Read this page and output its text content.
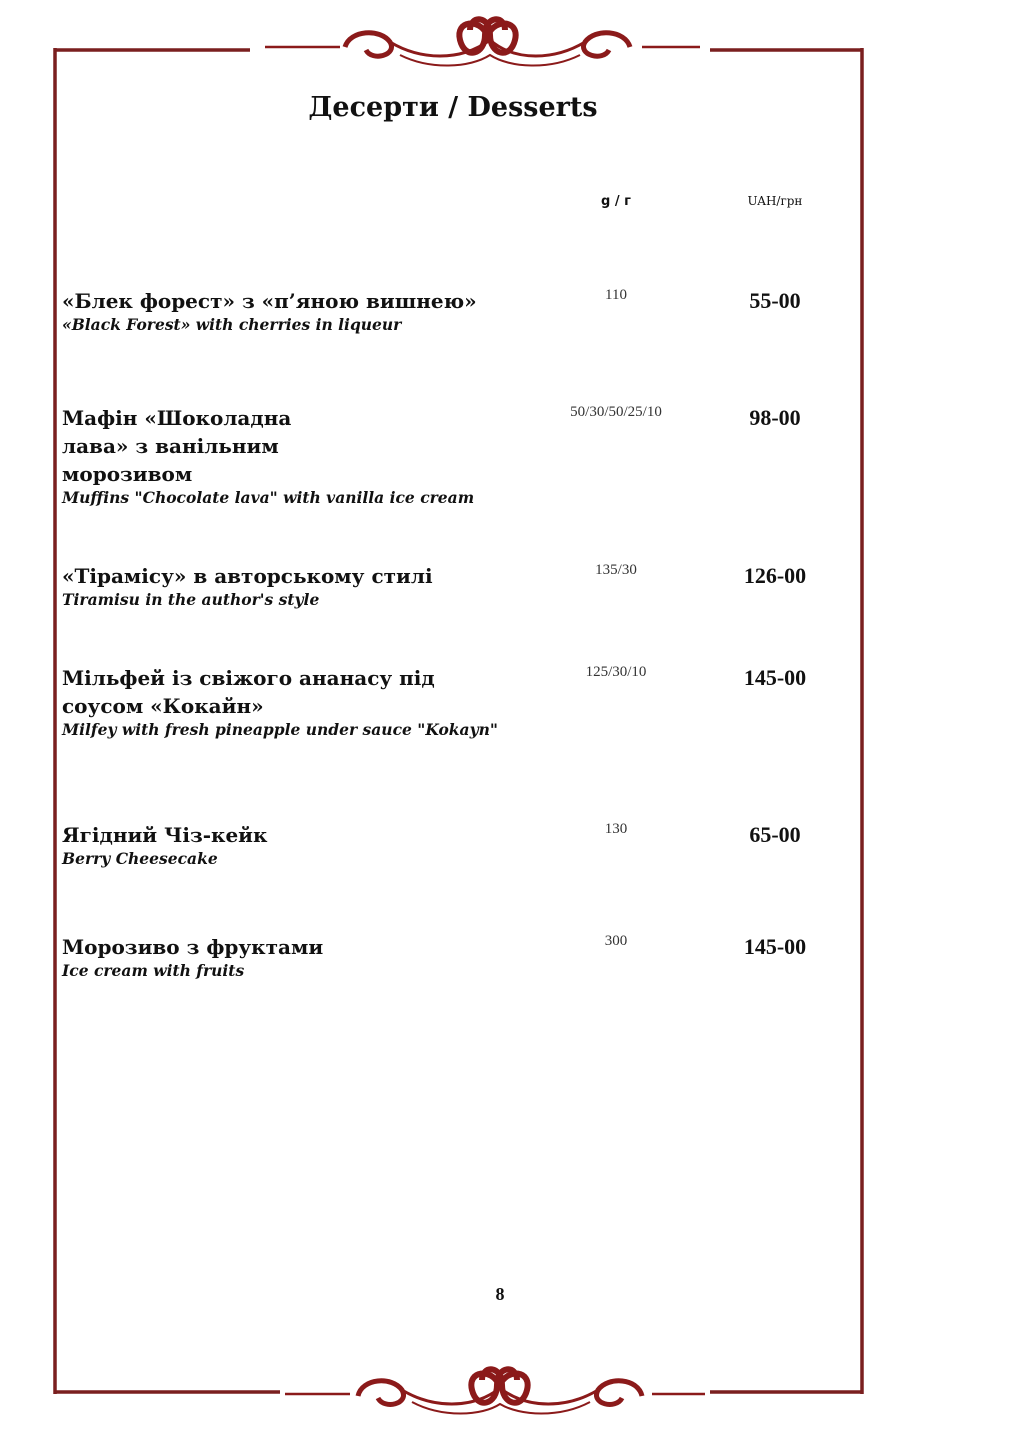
Десерти / Desserts
g / г	UAH/грн
«Блек форест» з «п’яною вишнею»
«Black Forest» with cherries in liqueur
110	55-00
Мафін «Шоколадна лава» з ванільним морозивом
Muffins "Chocolate lava" with vanilla ice cream
50/30/50/25/10	98-00
«Тірамісу» в авторському стилі
Tiramisu in the author's style
135/30	126-00
Мільфей із свіжого ананасу під соусом «Кокайн»
Milfey with fresh pineapple under sauce "Kokayn"
125/30/10	145-00
Ягідний Чіз-кейк
Berry Cheesecake
130	65-00
Морозиво з фруктами
Ice cream with fruits
300	145-00
8
